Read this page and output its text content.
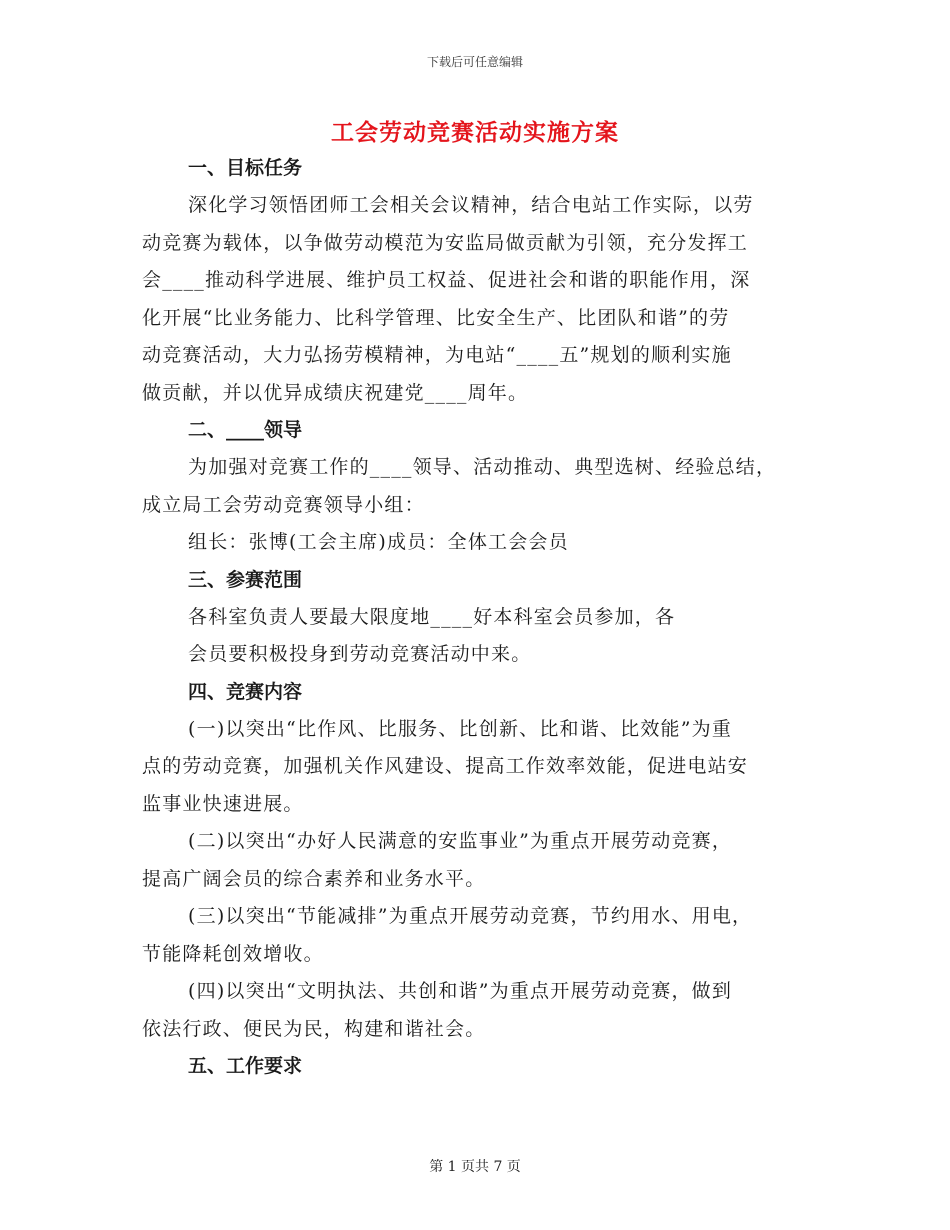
下载后可任意编辑
工会劳动竞赛活动实施方案
一、目标任务
深化学习领悟团师工会相关会议精神，结合电站工作实际，以劳
动竞赛为载体，以争做劳动模范为安监局做贡献为引领，充分发挥工
会____推动科学进展、维护员工权益、促进社会和谐的职能作用，深
化开展“比业务能力、比科学管理、比安全生产、比团队和谐”的劳
动竞赛活动，大力弘扬劳模精神，为电站“____五”规划的顺利实施
做贡献，并以优异成绩庆祝建党____周年。
二、____领导
为加强对竞赛工作的____领导、活动推动、典型选树、经验总结，
成立局工会劳动竞赛领导小组：
组长：张博(工会主席)成员：全体工会会员
三、参赛范围
各科室负责人要最大限度地____好本科室会员参加，各
会员要积极投身到劳动竞赛活动中来。
四、竞赛内容
(一)以突出“比作风、比服务、比创新、比和谐、比效能”为重
点的劳动竞赛，加强机关作风建设、提高工作效率效能，促进电站安
监事业快速进展。
(二)以突出“办好人民满意的安监事业”为重点开展劳动竞赛，
提高广阔会员的综合素养和业务水平。
(三)以突出“节能减排”为重点开展劳动竞赛，节约用水、用电，
节能降耗创效增收。
(四)以突出“文明执法、共创和谐”为重点开展劳动竞赛，做到
依法行政、便民为民，构建和谐社会。
五、工作要求
第 1 页共 7 页
